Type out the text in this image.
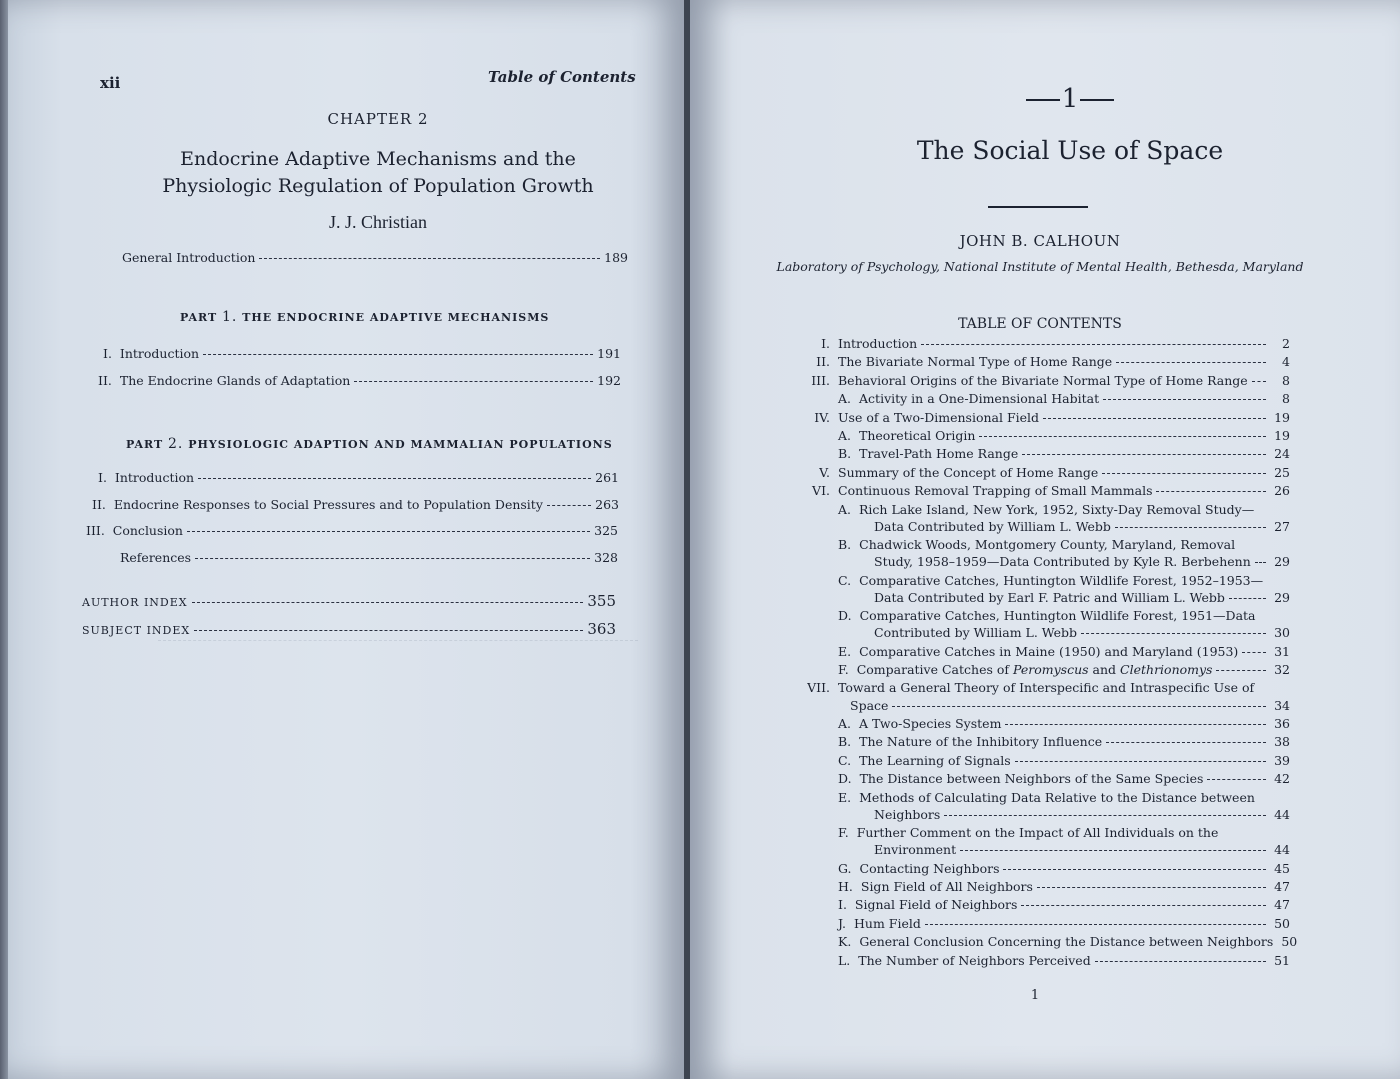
xii	Table of Contents
CHAPTER 2
Endocrine Adaptive Mechanisms and the
Physiologic Regulation of Population Growth
J. J. Christian
General Introduction	189
PART 1. THE ENDOCRINE ADAPTIVE MECHANISMS
I. Introduction	191
II. The Endocrine Glands of Adaptation	192
PART 2. PHYSIOLOGIC ADAPTION AND MAMMALIAN POPULATIONS
I. Introduction	261
II. Endocrine Responses to Social Pressures and to Population Density	263
III. Conclusion	325
References	328
AUTHOR INDEX	355
SUBJECT INDEX	363
1
The Social Use of Space
JOHN B. CALHOUN
Laboratory of Psychology, National Institute of Mental Health, Bethesda, Maryland
TABLE OF CONTENTS
I. Introduction	2
II. The Bivariate Normal Type of Home Range	4
III. Behavioral Origins of the Bivariate Normal Type of Home Range	8
A. Activity in a One-Dimensional Habitat	8
IV. Use of a Two-Dimensional Field	19
A. Theoretical Origin	19
B. Travel-Path Home Range	24
V. Summary of the Concept of Home Range	25
VI. Continuous Removal Trapping of Small Mammals	26
A. Rich Lake Island, New York, 1952, Sixty-Day Removal Study—
Data Contributed by William L. Webb	27
B. Chadwick Woods, Montgomery County, Maryland, Removal
Study, 1958–1959—Data Contributed by Kyle R. Berbehenn	29
C. Comparative Catches, Huntington Wildlife Forest, 1952–1953—
Data Contributed by Earl F. Patric and William L. Webb	29
D. Comparative Catches, Huntington Wildlife Forest, 1951—Data
Contributed by William L. Webb	30
E. Comparative Catches in Maine (1950) and Maryland (1953)	31
F. Comparative Catches of Peromyscus and Clethrionomys	32
VII. Toward a General Theory of Interspecific and Intraspecific Use of
Space	34
A. A Two-Species System	36
B. The Nature of the Inhibitory Influence	38
C. The Learning of Signals	39
D. The Distance between Neighbors of the Same Species	42
E. Methods of Calculating Data Relative to the Distance between
Neighbors	44
F. Further Comment on the Impact of All Individuals on the
Environment	44
G. Contacting Neighbors	45
H. Sign Field of All Neighbors	47
I. Signal Field of Neighbors	47
J. Hum Field	50
K. General Conclusion Concerning the Distance between Neighbors 50
L. The Number of Neighbors Perceived	51
1
